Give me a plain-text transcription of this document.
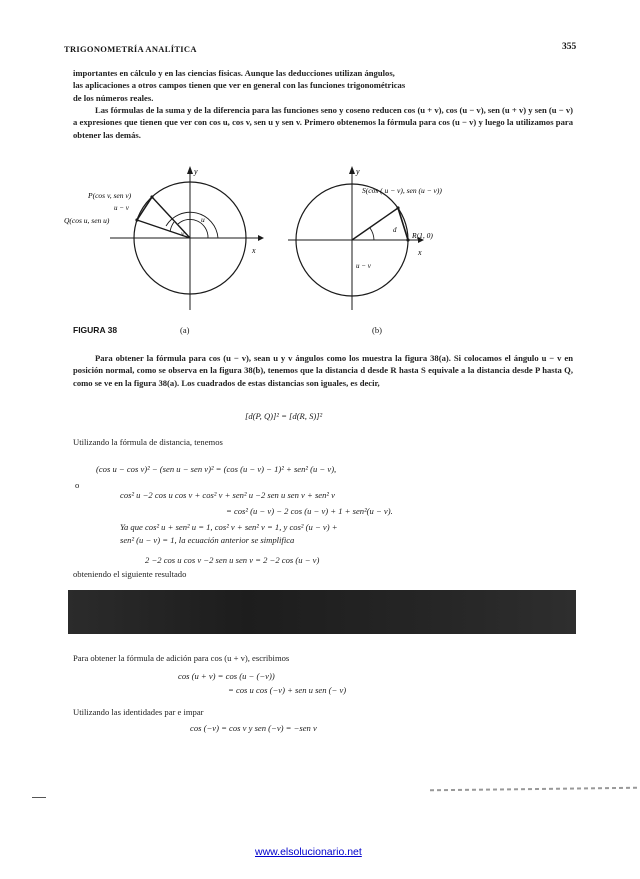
TRIGONOMETRÍA ANALÍTICA	355

importantes en cálculo y en las ciencias físicas. Aunque las deducciones utilizan ángulos,

las aplicaciones a otros campos tienen que ver en general con las funciones trigonométricas

de los números reales.

Las fórmulas de la suma y de la diferencia para las funciones seno y coseno reducen cos (u + v), cos (u − v), sen (u + v) y sen (u − v) a expresiones que tienen que ver con cos u, cos v, sen u y sen v. Primero obtenemos la fórmula para cos (u − v) y luego la utilizamos para obtener las demás.

y
x
P(cos v, sen v)
Q(cos u, sen u)
u − v
u
v
y
x
S(cos ( u − v), sen (u − v))
R(1, 0)
d
u − v
FIGURA 38	(a)	(b)

Para obtener la fórmula para cos (u − v), sean u y v ángulos como los muestra la figura 38(a). Si colocamos el ángulo u − v en posición normal, como se observa en la figura 38(b), tenemos que la distancia d desde R hasta S equivale a la distancia desde P hasta Q, como se ve en la figura 38(a). Los cuadrados de estas distancias son iguales, es decir,

[d(P, Q)]² = [d(R, S)]²

Utilizando la fórmula de distancia, tenemos

(cos u − cos v)² − (sen u − sen v)² = (cos (u − v) − 1)² + sen² (u − v),
o
cos² u −2 cos u cos v + cos² v + sen² u −2 sen u sen v + sen² v
= cos² (u − v) − 2 cos (u − v) + 1 + sen²(u − v).
Ya que cos² u + sen² u = 1, cos² v + sen² v = 1, y cos² (u − v) +
sen² (u − v) = 1, la ecuación anterior se simplifica
2 −2 cos u cos v −2 sen u sen v = 2 −2 cos (u − v)

obteniendo el siguiente resultado

Para obtener la fórmula de adición para cos (u + v), escribimos

cos (u + v) = cos (u − (−v))
= cos u cos (−v) + sen u sen (− v)

Utilizando las identidades par e impar

cos (−v) = cos v y sen (−v) = −sen v
www.elsolucionario.net
